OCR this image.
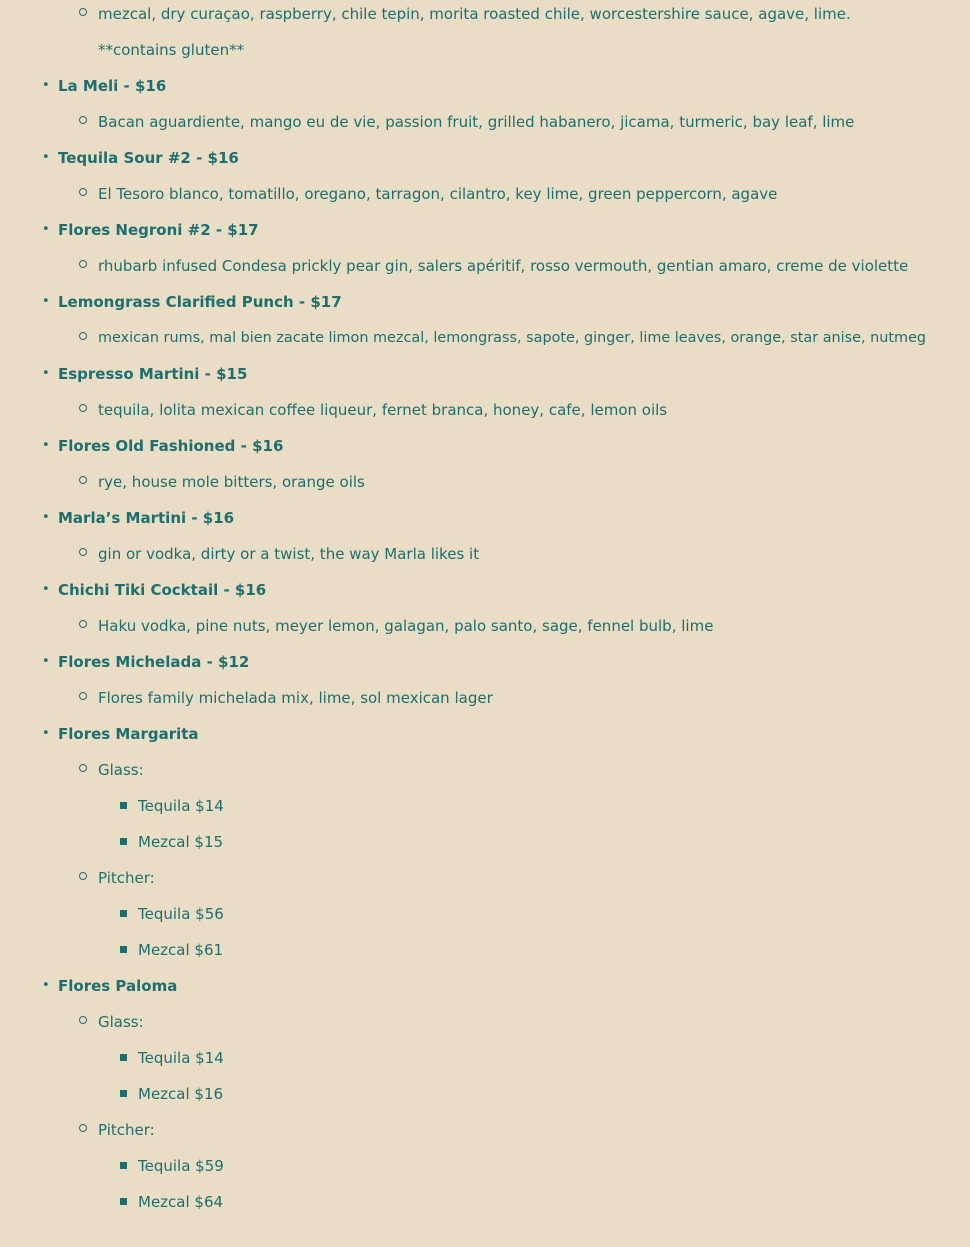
mezcal, dry curaçao, raspberry, chile tepin, morita roasted chile, worcestershire sauce, agave, lime.
**contains gluten**
• La Meli - $16
Bacan aguardiente, mango eu de vie, passion fruit, grilled habanero, jicama, turmeric, bay leaf, lime
• Tequila Sour #2 - $16
El Tesoro blanco, tomatillo, oregano, tarragon, cilantro, key lime, green peppercorn, agave
• Flores Negroni #2 - $17
rhubarb infused Condesa prickly pear gin, salers apéritif, rosso vermouth, gentian amaro, creme de violette
• Lemongrass Clarified Punch - $17
mexican rums, mal bien zacate limon mezcal, lemongrass, sapote, ginger, lime leaves, orange, star anise, nutmeg
• Espresso Martini - $15
tequila, lolita mexican coffee liqueur, fernet branca, honey, cafe, lemon oils
• Flores Old Fashioned - $16
rye, house mole bitters, orange oils
• Marla’s Martini - $16
gin or vodka, dirty or a twist, the way Marla likes it
• Chichi Tiki Cocktail - $16
Haku vodka, pine nuts, meyer lemon, galagan, palo santo, sage, fennel bulb, lime
• Flores Michelada - $12
Flores family michelada mix, lime, sol mexican lager
• Flores Margarita
Glass:
Tequila $14
Mezcal $15
Pitcher:
Tequila $56
Mezcal $61
• Flores Paloma
Glass:
Tequila $14
Mezcal $16
Pitcher:
Tequila $59
Mezcal $64
